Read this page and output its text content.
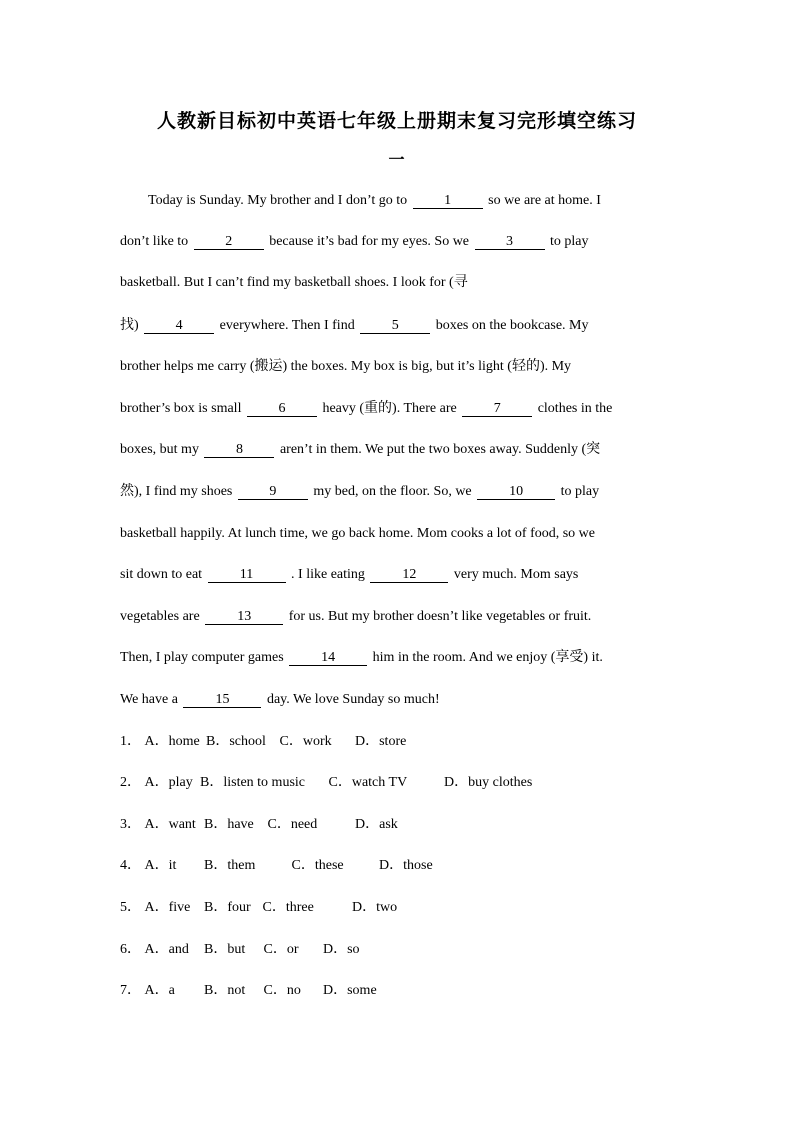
人教新目标初中英语七年级上册期末复习完形填空练习
一
Today is Sunday. My brother and I don’t go to	1	so we are at home. I
don’t like to	2	because it’s bad for my eyes. So we	3	to play
basketball. But I can’t find my basketball shoes. I look for (寻
找)	4	everywhere. Then I find	5	boxes on the bookcase. My
brother helps me carry (搬运) the boxes. My box is big, but it’s light (轻的). My
brother’s box is small	6	heavy (重的). There are	7	clothes in the
boxes, but my	8	aren’t in them. We put the two boxes away. Suddenly (突
然), I find my shoes	9	my bed, on the floor. So, we	10	to play
basketball happily. At lunch time, we go back home. Mom cooks a lot of food, so we
sit down to eat	11	. I like eating	12	very much. Mom says
vegetables are	13	for us. But my brother doesn’t like vegetables or fruit.
Then, I play computer games	14	him in the room. And we enjoy (享受) it.
We have a	15	day. We love Sunday so much!
1． A．home B．school C．work D．store
2． A．play B．listen to music C．watch TV	D．buy clothes
3． A．want B．have C．need	D．ask
4． A．it B．them	C．these	D．those
5． A．five B．four C．three	D．two
6． A．and B．but C．or D．so
7． A．a B．not C．no D．some
